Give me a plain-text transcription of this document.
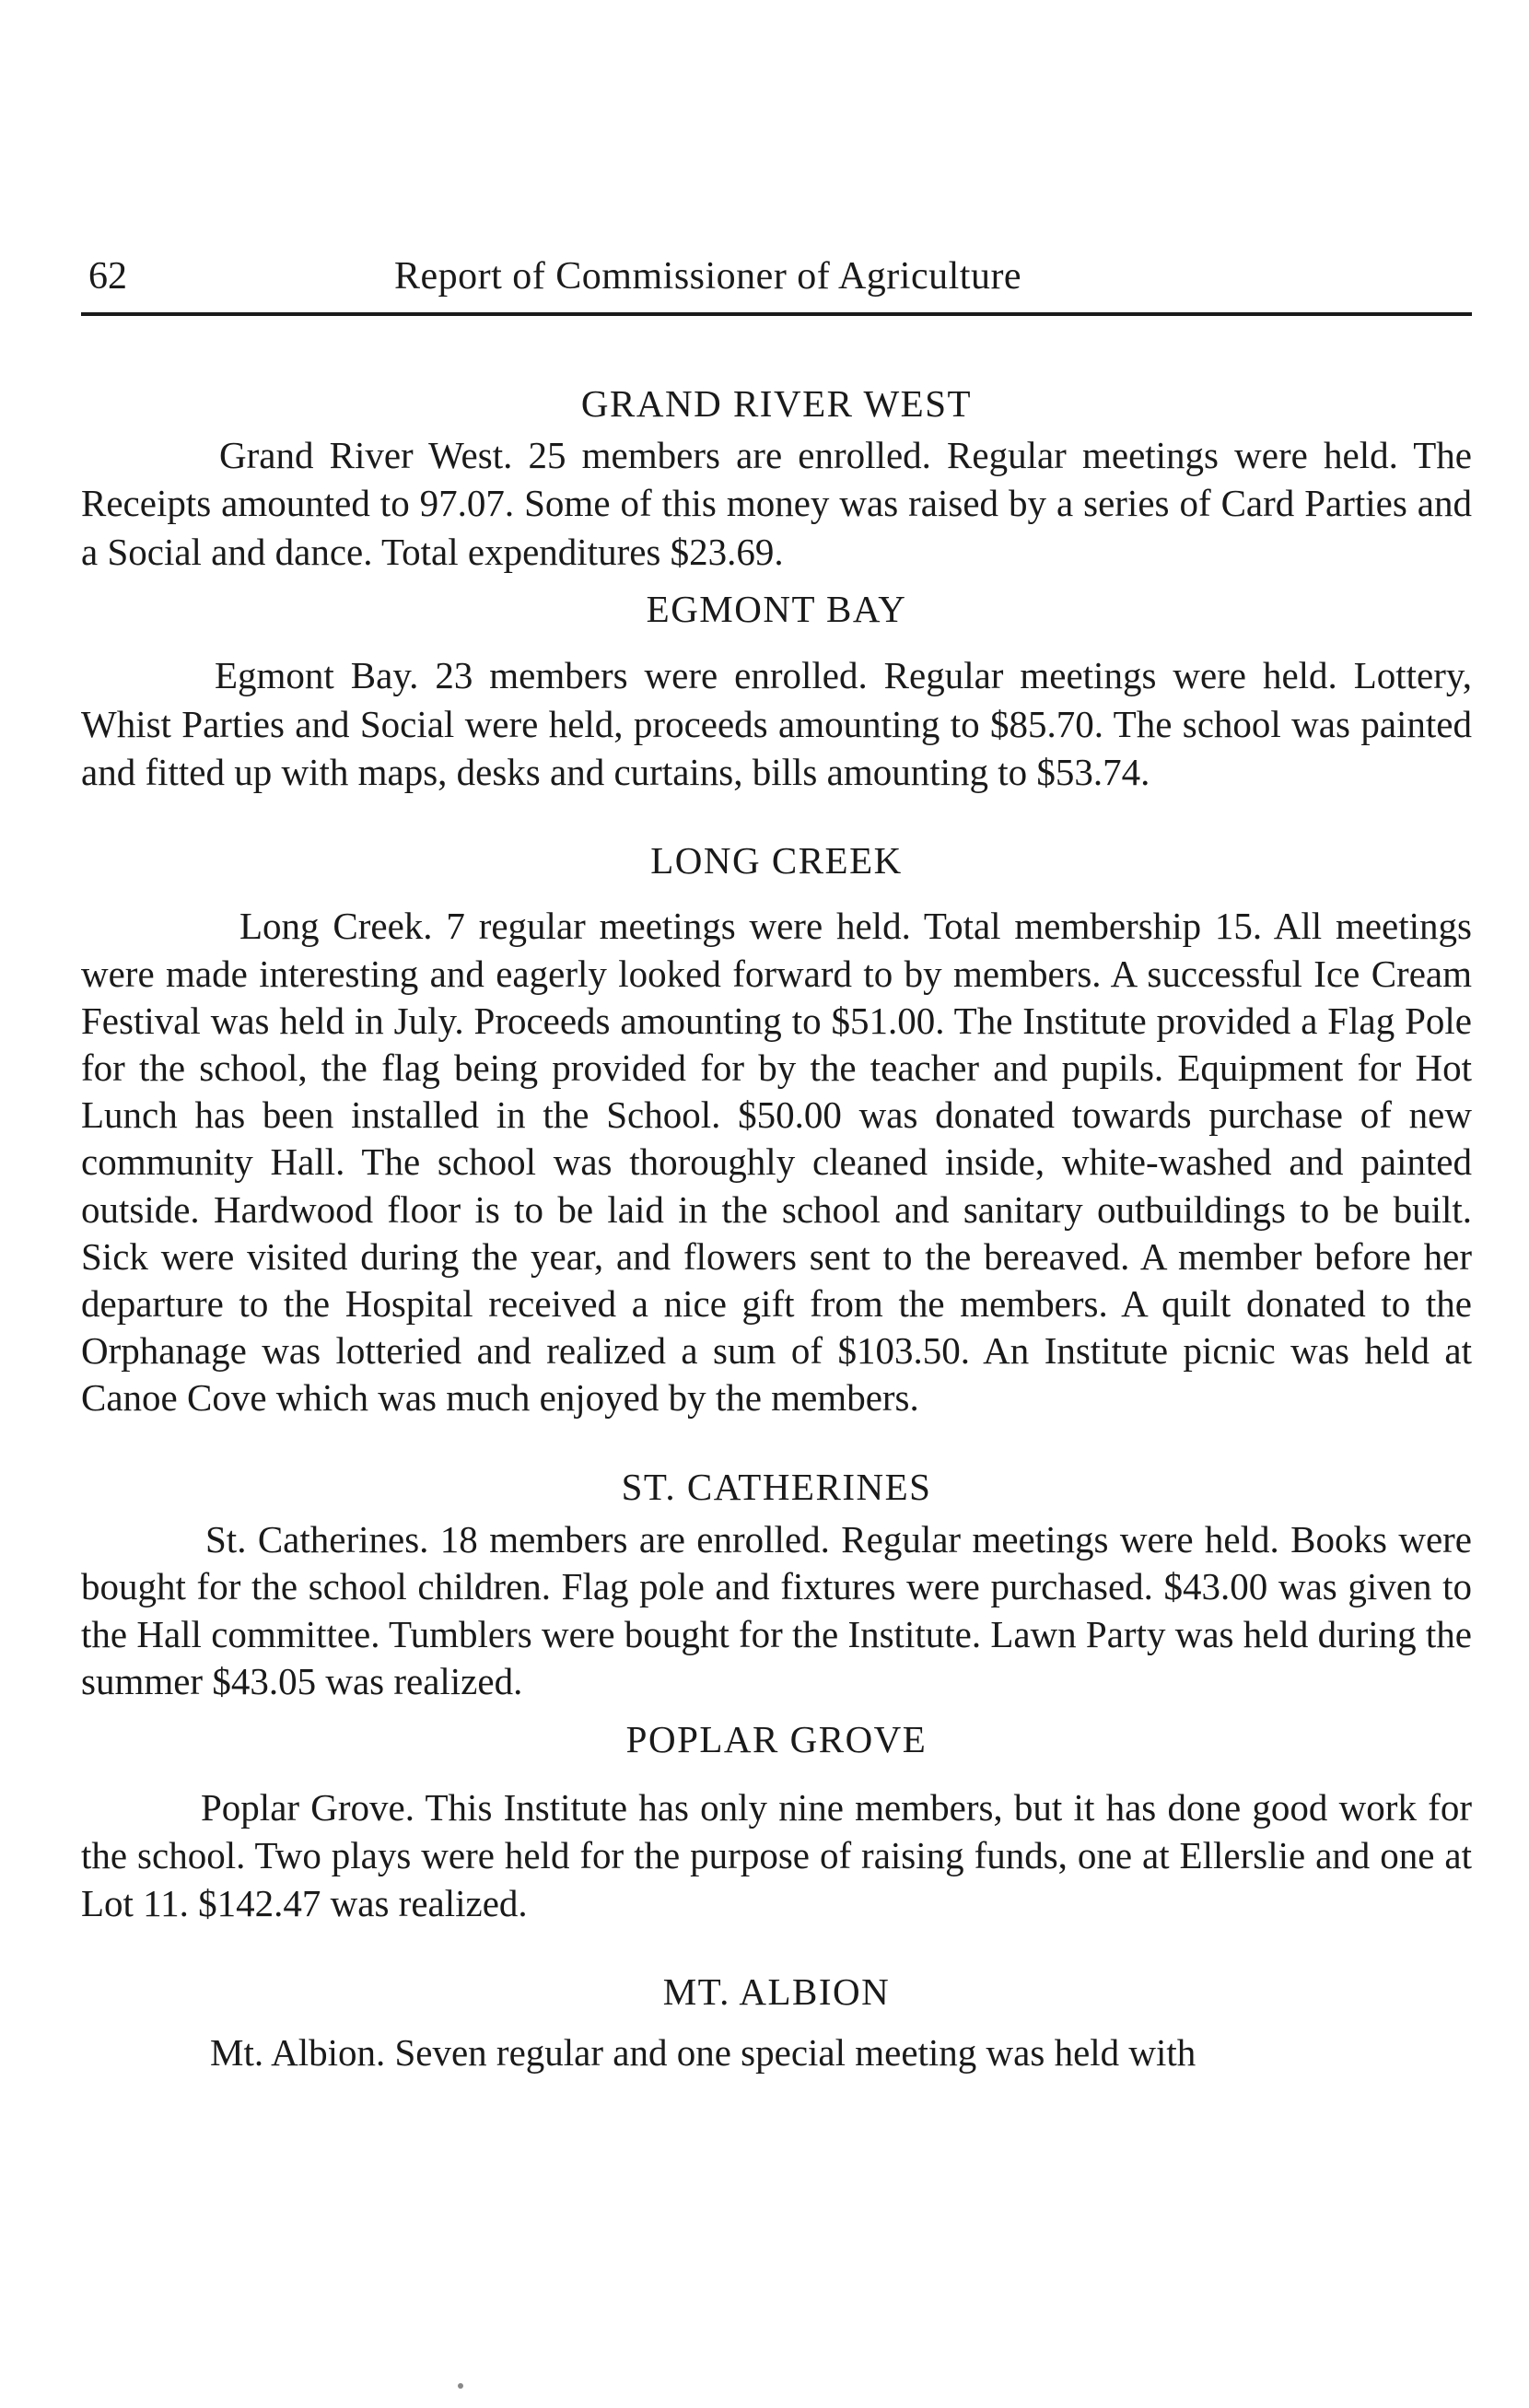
62	Report of Commissioner of Agriculture
GRAND RIVER WEST

Grand River West. 25 members are enrolled. Regular meetings were held. The Receipts amounted to 97.07. Some of this money was raised by a series of Card Parties and a Social and dance. Total expenditures $23.69.

EGMONT BAY

Egmont Bay. 23 members were enrolled. Regular meetings were held. Lottery, Whist Parties and Social were held, proceeds amounting to $85.70. The school was painted and fitted up with maps, desks and curtains, bills amounting to $53.74.

LONG CREEK

Long Creek. 7 regular meetings were held. Total membership 15. All meetings were made interesting and eagerly looked forward to by members. A successful Ice Cream Festival was held in July. Proceeds amounting to $51.00. The Institute provided a Flag Pole for the school, the flag being provided for by the teacher and pupils. Equipment for Hot Lunch has been installed in the School. $50.00 was donated towards purchase of new community Hall. The school was thoroughly cleaned inside, white-washed and painted outside. Hardwood floor is to be laid in the school and sanitary outbuildings to be built. Sick were visited during the year, and flowers sent to the bereaved. A member before her departure to the Hospital received a nice gift from the members. A quilt donated to the Orphanage was lotteried and realized a sum of $103.50. An Institute picnic was held at Canoe Cove which was much enjoyed by the members.

ST. CATHERINES

St. Catherines. 18 members are enrolled. Regular meetings were held. Books were bought for the school children. Flag pole and fixtures were purchased. $43.00 was given to the Hall committee. Tumblers were bought for the Institute. Lawn Party was held during the summer $43.05 was realized.

POPLAR GROVE

Poplar Grove. This Institute has only nine members, but it has done good work for the school. Two plays were held for the purpose of raising funds, one at Ellerslie and one at Lot 11. $142.47 was realized.

MT. ALBION

Mt. Albion. Seven regular and one special meeting was held with
